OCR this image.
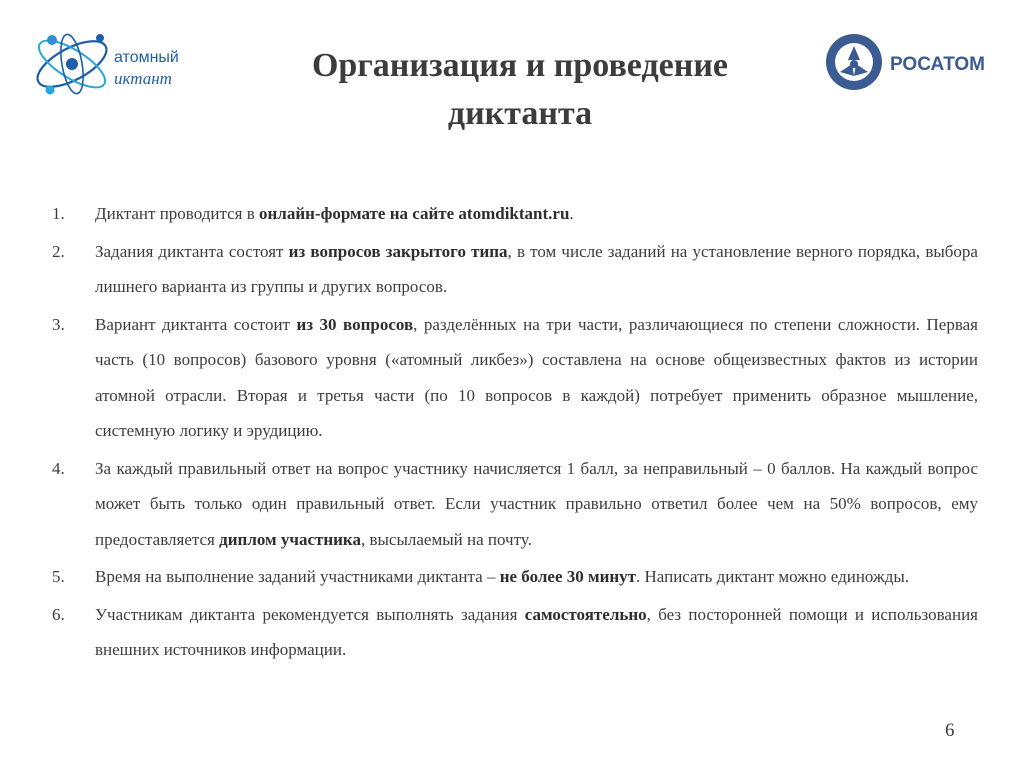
атомный
иктант	Организация и проведение
диктанта
РОСАТОМ
1.	Диктант проводится в онлайн-формате на сайте atomdiktant.ru.
2.	Задания диктанта состоят из вопросов закрытого типа, в том числе заданий на установление верного порядка, выбора лишнего варианта из группы и других вопросов.
3.	Вариант диктанта состоит из 30 вопросов, разделённых на три части, различающиеся по степени сложности. Первая часть (10 вопросов) базового уровня («атомный ликбез») составлена на основе общеизвестных фактов из истории атомной отрасли. Вторая и третья части (по 10 вопросов в каждой) потребует применить образное мышление, системную логику и эрудицию.
4.	За каждый правильный ответ на вопрос участнику начисляется 1 балл, за неправильный – 0 баллов. На каждый вопрос может быть только один правильный ответ. Если участник правильно ответил более чем на 50% вопросов, ему предоставляется диплом участника, высылаемый на почту.
5.	Время на выполнение заданий участниками диктанта – не более 30 минут. Написать диктант можно единожды.
6.	Участникам диктанта рекомендуется выполнять задания самостоятельно, без посторонней помощи и использования внешних источников информации.
6
